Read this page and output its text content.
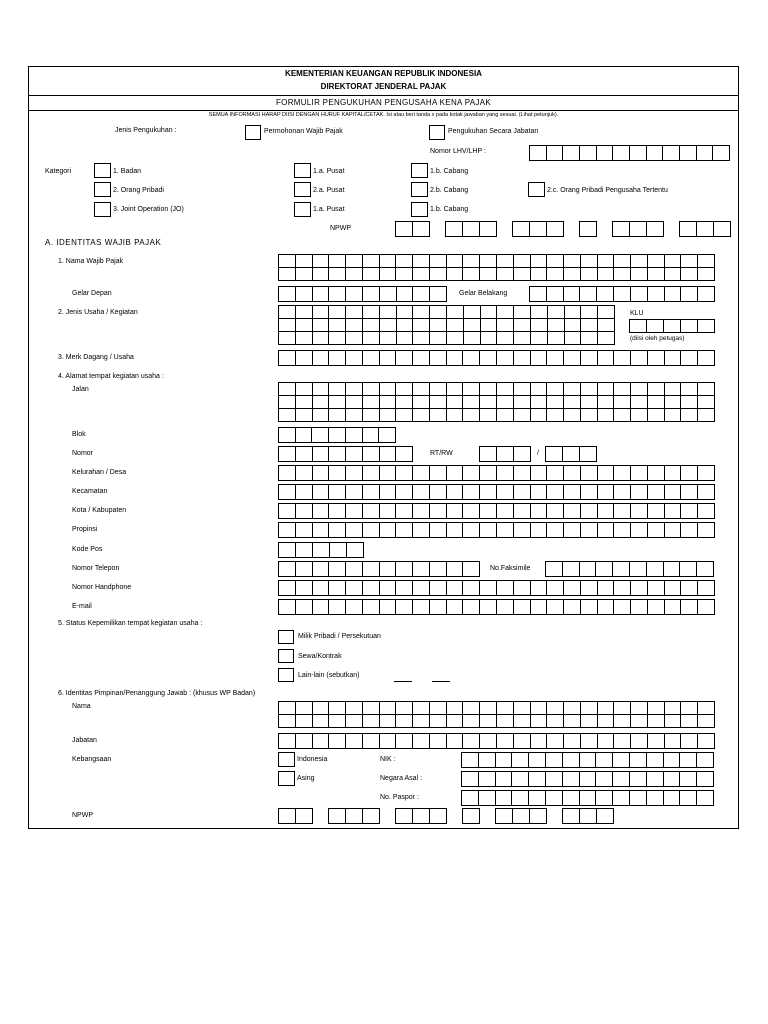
KEMENTERIAN KEUANGAN REPUBLIK INDONESIA
DIREKTORAT JENDERAL PAJAK
FORMULIR PENGUKUHAN PENGUSAHA KENA PAJAK
SEMUA INFORMASI HARAP DIISI DENGAN HURUF KAPITAL/CETAK. Isi atau beri tanda x pada kotak jawaban yang sesuai. (Lihat petunjuk).
Jenis Pengukuhan :	Permohonan Wajib Pajak	Pengukuhan Secara Jabatan
Nomor LHV/LHP :
Kategori	1. Badan	1.a. Pusat	1.b. Cabang
2. Orang Pribadi	2.a. Pusat	2.b. Cabang	2.c. Orang Pribadi Pengusaha Tertentu
3. Joint Operation (JO)	1.a. Pusat	1.b. Cabang
NPWP
A. IDENTITAS WAJIB PAJAK
1. Nama Wajib Pajak
Gelar Depan	Gelar Belakang
2. Jenis Usaha / Kegiatan	KLU
(diisi oleh petugas)
3. Merk Dagang / Usaha
4. Alamat tempat kegiatan usaha :
Jalan
Blok
Nomor	RT/RW	/
Kelurahan / Desa
Kecamatan
Kota / Kabupaten
Propinsi
Kode Pos
Nomor Telepon	No.Faksimile
Nomor Handphone
E-mail
5. Status Kepemilikan tempat kegiatan usaha :
Milik Pribadi / Persekutuan
Sewa/Kontrak
Lain-lain (sebutkan)
6. Identitas Pimpinan/Penanggung Jawab : (khusus WP Badan)
Nama
Jabatan
Kebangsaan	Indonesia	NIK :
Asing	Negara Asal :
No. Paspor :
NPWP
